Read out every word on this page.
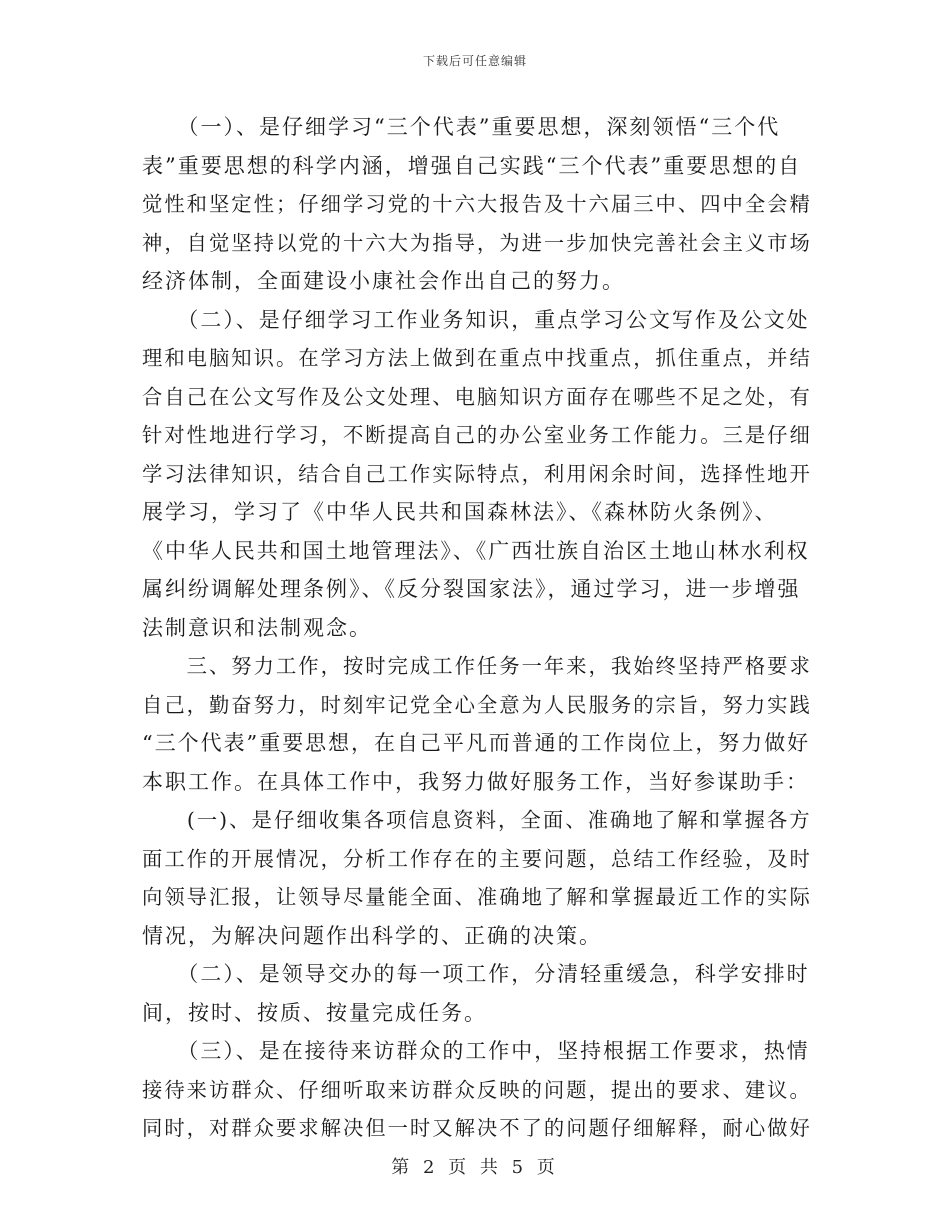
下载后可任意编辑

　　（一）、是仔细学习“三个代表”重要思想，深刻领悟“三个代
表”重要思想的科学内涵，增强自己实践“三个代表”重要思想的自
觉性和坚定性；仔细学习党的十六大报告及十六届三中、四中全会精
神，自觉坚持以党的十六大为指导，为进一步加快完善社会主义市场
经济体制，全面建设小康社会作出自己的努力。

　　（二）、是仔细学习工作业务知识，重点学习公文写作及公文处
理和电脑知识。在学习方法上做到在重点中找重点，抓住重点，并结
合自己在公文写作及公文处理、电脑知识方面存在哪些不足之处，有
针对性地进行学习，不断提高自己的办公室业务工作能力。三是仔细
学习法律知识，结合自己工作实际特点，利用闲余时间，选择性地开
展学习，学习了《中华人民共和国森林法》、《森林防火条例》、
《中华人民共和国土地管理法》、《广西壮族自治区土地山林水利权
属纠纷调解处理条例》、《反分裂国家法》，通过学习，进一步增强
法制意识和法制观念。

　　三、努力工作，按时完成工作任务一年来，我始终坚持严格要求
自己，勤奋努力，时刻牢记党全心全意为人民服务的宗旨，努力实践
“三个代表”重要思想，在自己平凡而普通的工作岗位上，努力做好
本职工作。在具体工作中，我努力做好服务工作，当好参谋助手：

　　(一)、是仔细收集各项信息资料，全面、准确地了解和掌握各方
面工作的开展情况，分析工作存在的主要问题，总结工作经验，及时
向领导汇报，让领导尽量能全面、准确地了解和掌握最近工作的实际
情况，为解决问题作出科学的、正确的决策。

　　（二）、是领导交办的每一项工作，分清轻重缓急，科学安排时
间，按时、按质、按量完成任务。

　　（三）、是在接待来访群众的工作中，坚持根据工作要求，热情
接待来访群众、仔细听取来访群众反映的问题，提出的要求、建议。
同时，对群众要求解决但一时又解决不了的问题仔细解释，耐心做好

第 2 页 共 5 页
